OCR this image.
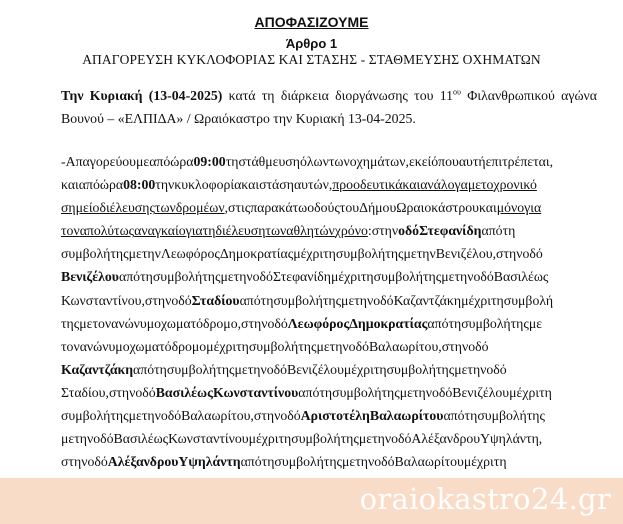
ΑΠΟΦΑΣΙΖΟΥΜΕ
Άρθρο 1
ΑΠΑΓΟΡΕΥΣΗ ΚΥΚΛΟΦΟΡΙΑΣ ΚΑΙ ΣΤΑΣΗΣ - ΣΤΑΘΜΕΥΣΗΣ ΟΧΗΜΑΤΩΝ
Την Κυριακή (13-04-2025) κατά τη διάρκεια διοργάνωσης του $11^{o\upsilon}$ Φιλανθρωπικού αγώνα
Βουνού – «ΕΛΠΙΔΑ» / Ωραιόκαστρο την Κυριακή 13-04-2025.
-Απαγορεύουμεαπόώρα09:00τηστάθμευσηόλωντωνοχημάτων,εκείόπουαυτήεπιτρέπεται,
καιαπόώρα08:00τηνκυκλοφορίακαιστάσηαυτών,προοδευτικάκαιανάλογαμετοχρονικό
σημείοδιέλευσηςτωνδρομέων,στιςπαρακάτωοδούςτουΔήμουΩραιοκάστρουκαιμόνογια
τοναπολύτωςαναγκαίογιατηδιέλευσητωναθλητώνχρόνο:στηνοδόΣτεφανίδηαπότη
συμβολήτηςμετηνΛεωφόροςΔημοκρατίαςμέχριτησυμβολήτηςμετηνΒενιζέλου,στηνοδό
ΒενιζέλουαπότησυμβολήτηςμετηνοδόΣτεφανίδημέχριτησυμβολήτηςμετηνοδόΒασιλέως
Κωνσταντίνου,στηνοδόΣταδίουαπότησυμβολήτηςμετηνοδόΚαζαντζάκημέχριτησυμβολή
τηςμετονανώνυμοχωματόδρομο,στηνοδόΛεωφόροςΔημοκρατίαςαπότησυμβολήτηςμε
τονανώνυμοχωματόδρομομέχριτησυμβολήτηςμετηνοδόΒαλαωρίτου,στηνοδό
ΚαζαντζάκηαπότησυμβολήτηςμετηνοδόΒενιζέλουμέχριτησυμβολήτηςμετηνοδό
Σταδίου,στηνοδόΒασιλέωςΚωνσταντίνουαπότησυμβολήτηςμετηνοδόΒενιζέλουμέχριτη
συμβολήτηςμετηνοδόΒαλαωρίτου,στηνοδόΑριστοτέληΒαλαωρίτουαπότησυμβολήτης
μετηνοδόΒασιλέωςΚωνσταντίνουμέχριτησυμβολήτηςμετηνοδόΑλέξανδρουΥψηλάντη,
στηνοδόΑλέξανδρουΥψηλάντηαπότησυμβολήτηςμετηνοδόΒαλαωρίτουμέχριτη
oraiokastro24.gr
